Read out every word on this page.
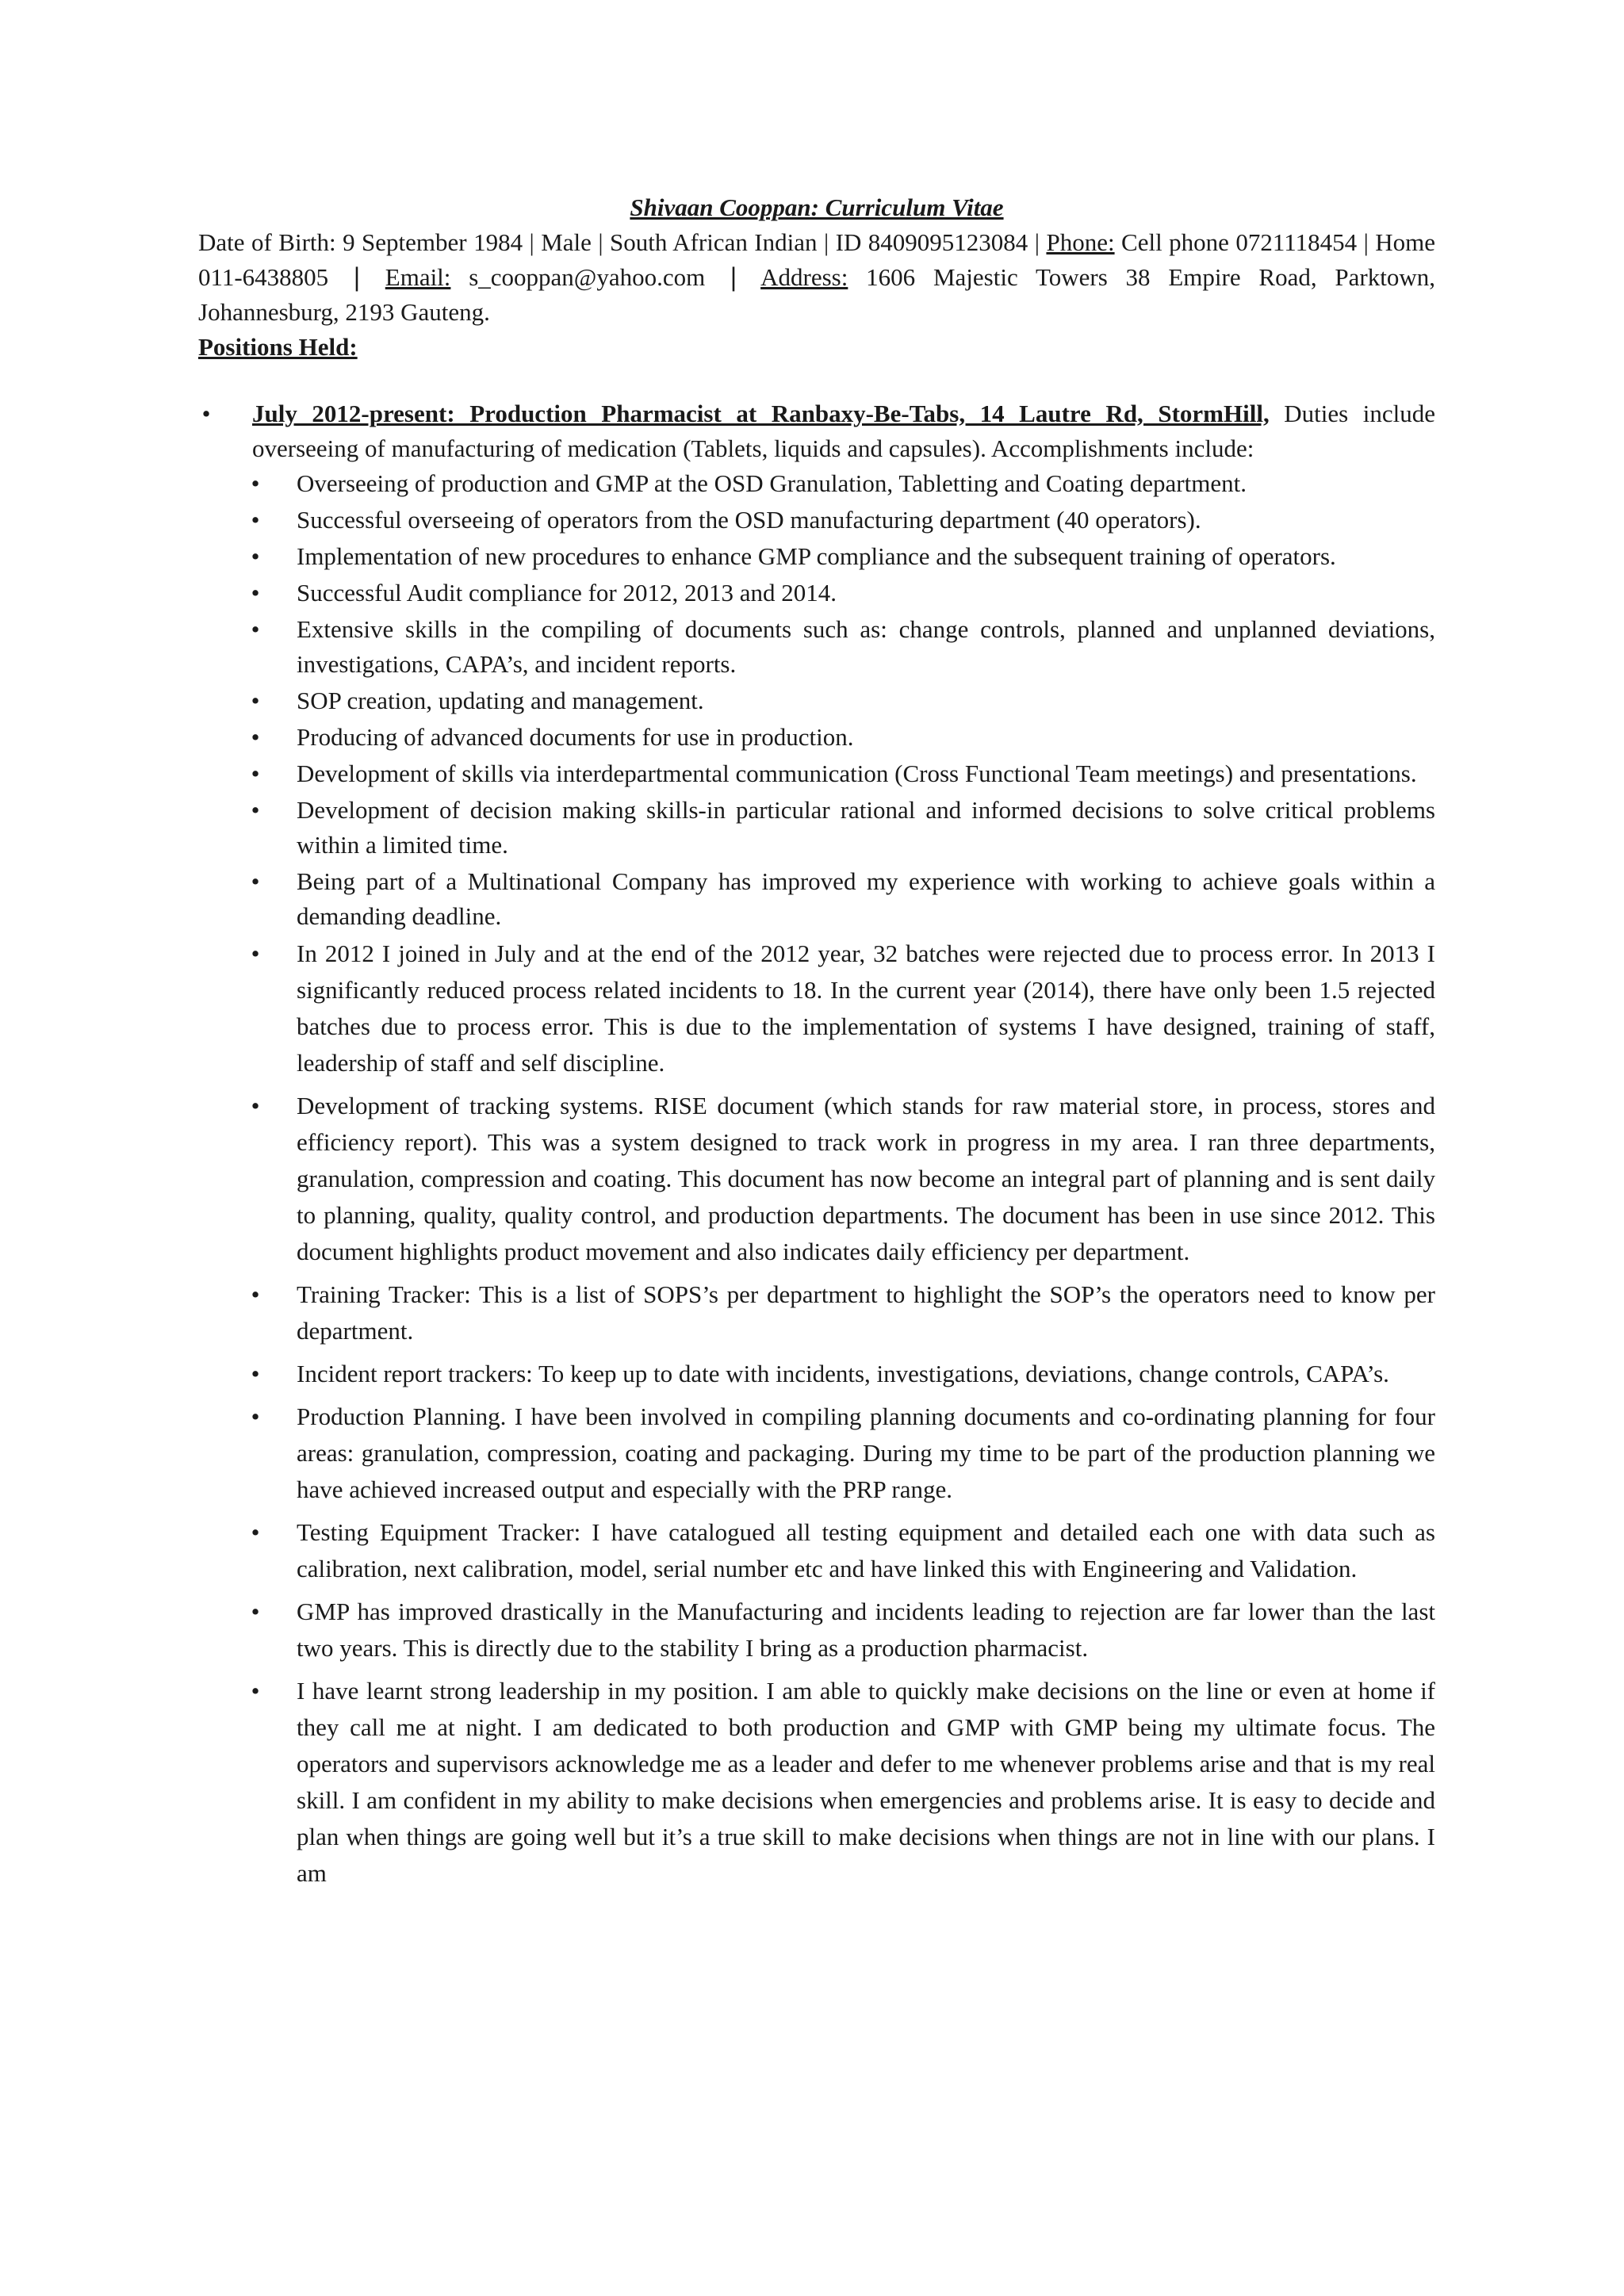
Shivaan Cooppan: Curriculum Vitae

Date of Birth: 9 September 1984 | Male | South African Indian | ID 8409095123084 | Phone: Cell phone 0721118454 | Home 011-6438805 ❘ Email: s_cooppan@yahoo.com ❘ Address: 1606 Majestic Towers 38 Empire Road, Parktown, Johannesburg, 2193 Gauteng.

Positions Held:

• July 2012-present: Production Pharmacist at Ranbaxy-Be-Tabs, 14 Lautre Rd, StormHill, Duties include overseeing of manufacturing of medication (Tablets, liquids and capsules). Accomplishments include:
• Overseeing of production and GMP at the OSD Granulation, Tabletting and Coating department.
• Successful overseeing of operators from the OSD manufacturing department (40 operators).
• Implementation of new procedures to enhance GMP compliance and the subsequent training of operators.
• Successful Audit compliance for 2012, 2013 and 2014.
• Extensive skills in the compiling of documents such as: change controls, planned and unplanned deviations, investigations, CAPA’s, and incident reports.
• SOP creation, updating and management.
• Producing of advanced documents for use in production.
• Development of skills via interdepartmental communication (Cross Functional Team meetings) and presentations.
• Development of decision making skills-in particular rational and informed decisions to solve critical problems within a limited time.
• Being part of a Multinational Company has improved my experience with working to achieve goals within a demanding deadline.
• In 2012 I joined in July and at the end of the 2012 year, 32 batches were rejected due to process error. In 2013 I significantly reduced process related incidents to 18. In the current year (2014), there have only been 1.5 rejected batches due to process error. This is due to the implementation of systems I have designed, training of staff, leadership of staff and self discipline.
• Development of tracking systems. RISE document (which stands for raw material store, in process, stores and efficiency report). This was a system designed to track work in progress in my area. I ran three departments, granulation, compression and coating. This document has now become an integral part of planning and is sent daily to planning, quality, quality control, and production departments. The document has been in use since 2012. This document highlights product movement and also indicates daily efficiency per department.
• Training Tracker: This is a list of SOPS’s per department to highlight the SOP’s the operators need to know per department.
• Incident report trackers: To keep up to date with incidents, investigations, deviations, change controls, CAPA’s.
• Production Planning. I have been involved in compiling planning documents and co-ordinating planning for four areas: granulation, compression, coating and packaging. During my time to be part of the production planning we have achieved increased output and especially with the PRP range.
• Testing Equipment Tracker: I have catalogued all testing equipment and detailed each one with data such as calibration, next calibration, model, serial number etc and have linked this with Engineering and Validation.
• GMP has improved drastically in the Manufacturing and incidents leading to rejection are far lower than the last two years. This is directly due to the stability I bring as a production pharmacist.
• I have learnt strong leadership in my position. I am able to quickly make decisions on the line or even at home if they call me at night. I am dedicated to both production and GMP with GMP being my ultimate focus. The operators and supervisors acknowledge me as a leader and defer to me whenever problems arise and that is my real skill. I am confident in my ability to make decisions when emergencies and problems arise. It is easy to decide and plan when things are going well but it’s a true skill to make decisions when things are not in line with our plans. I am
